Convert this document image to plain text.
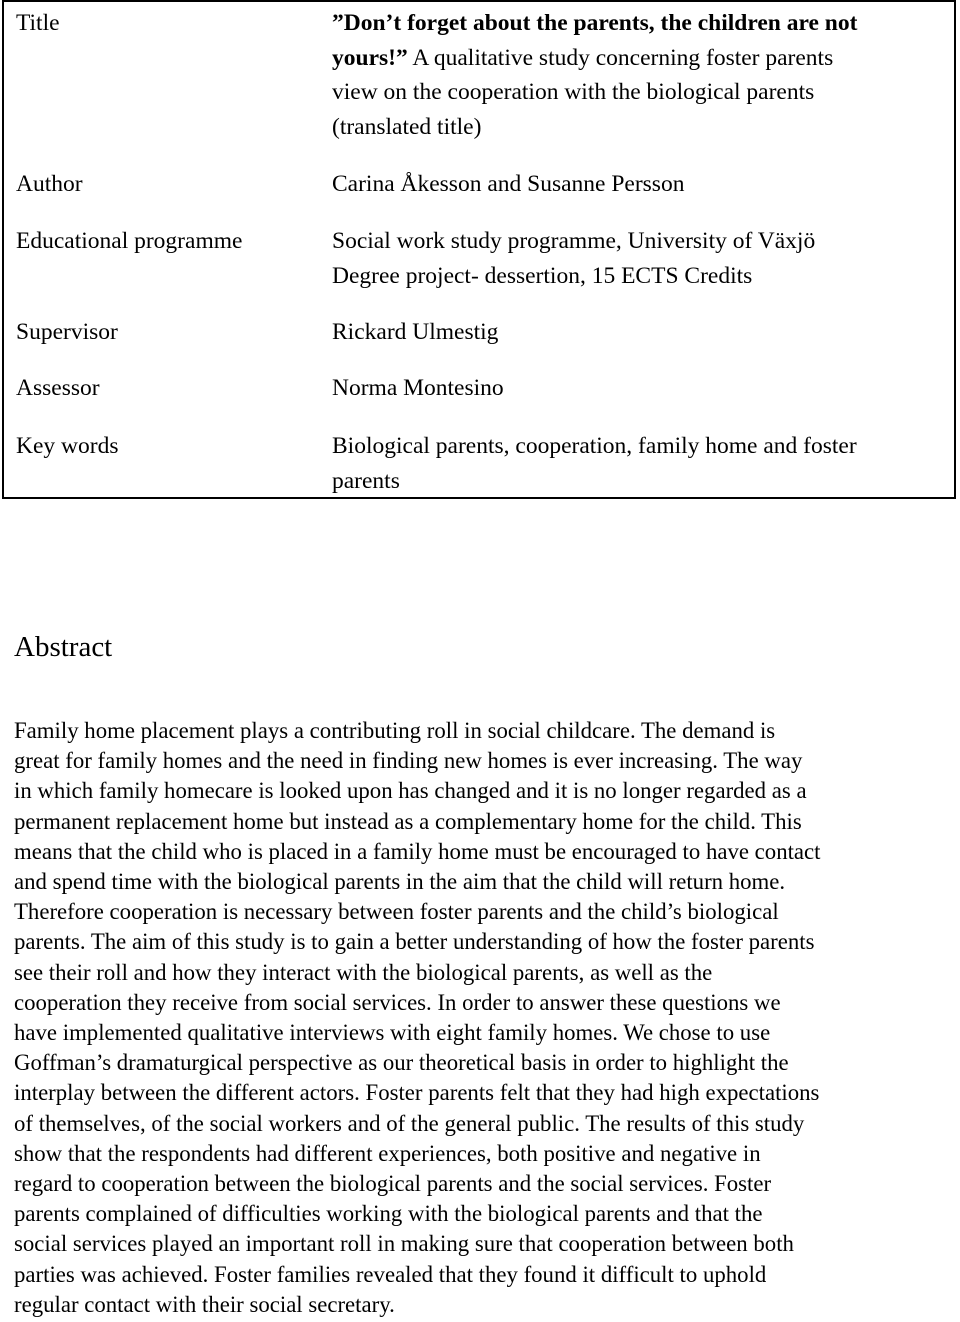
Title	”Don’t forget about the parents, the children are not
yours!” A qualitative study concerning foster parents
view on the cooperation with the biological parents
(translated title)
Author	Carina Åkesson and Susanne Persson
Educational programme	Social work study programme, University of Växjö
Degree project- dessertion, 15 ECTS Credits
Supervisor	Rickard Ulmestig
Assessor	Norma Montesino
Key words	Biological parents, cooperation, family home and foster
parents
Abstract
Family home placement plays a contributing roll in social childcare. The demand is
great for family homes and the need in finding new homes is ever increasing. The way
in which family homecare is looked upon has changed and it is no longer regarded as a
permanent replacement home but instead as a complementary home for the child. This
means that the child who is placed in a family home must be encouraged to have contact
and spend time with the biological parents in the aim that the child will return home.
Therefore cooperation is necessary between foster parents and the child’s biological
parents. The aim of this study is to gain a better understanding of how the foster parents
see their roll and how they interact with the biological parents, as well as the
cooperation they receive from social services. In order to answer these questions we
have implemented qualitative interviews with eight family homes. We chose to use
Goffman’s dramaturgical perspective as our theoretical basis in order to highlight the
interplay between the different actors. Foster parents felt that they had high expectations
of themselves, of the social workers and of the general public. The results of this study
show that the respondents had different experiences, both positive and negative in
regard to cooperation between the biological parents and the social services. Foster
parents complained of difficulties working with the biological parents and that the
social services played an important roll in making sure that cooperation between both
parties was achieved. Foster families revealed that they found it difficult to uphold
regular contact with their social secretary.
